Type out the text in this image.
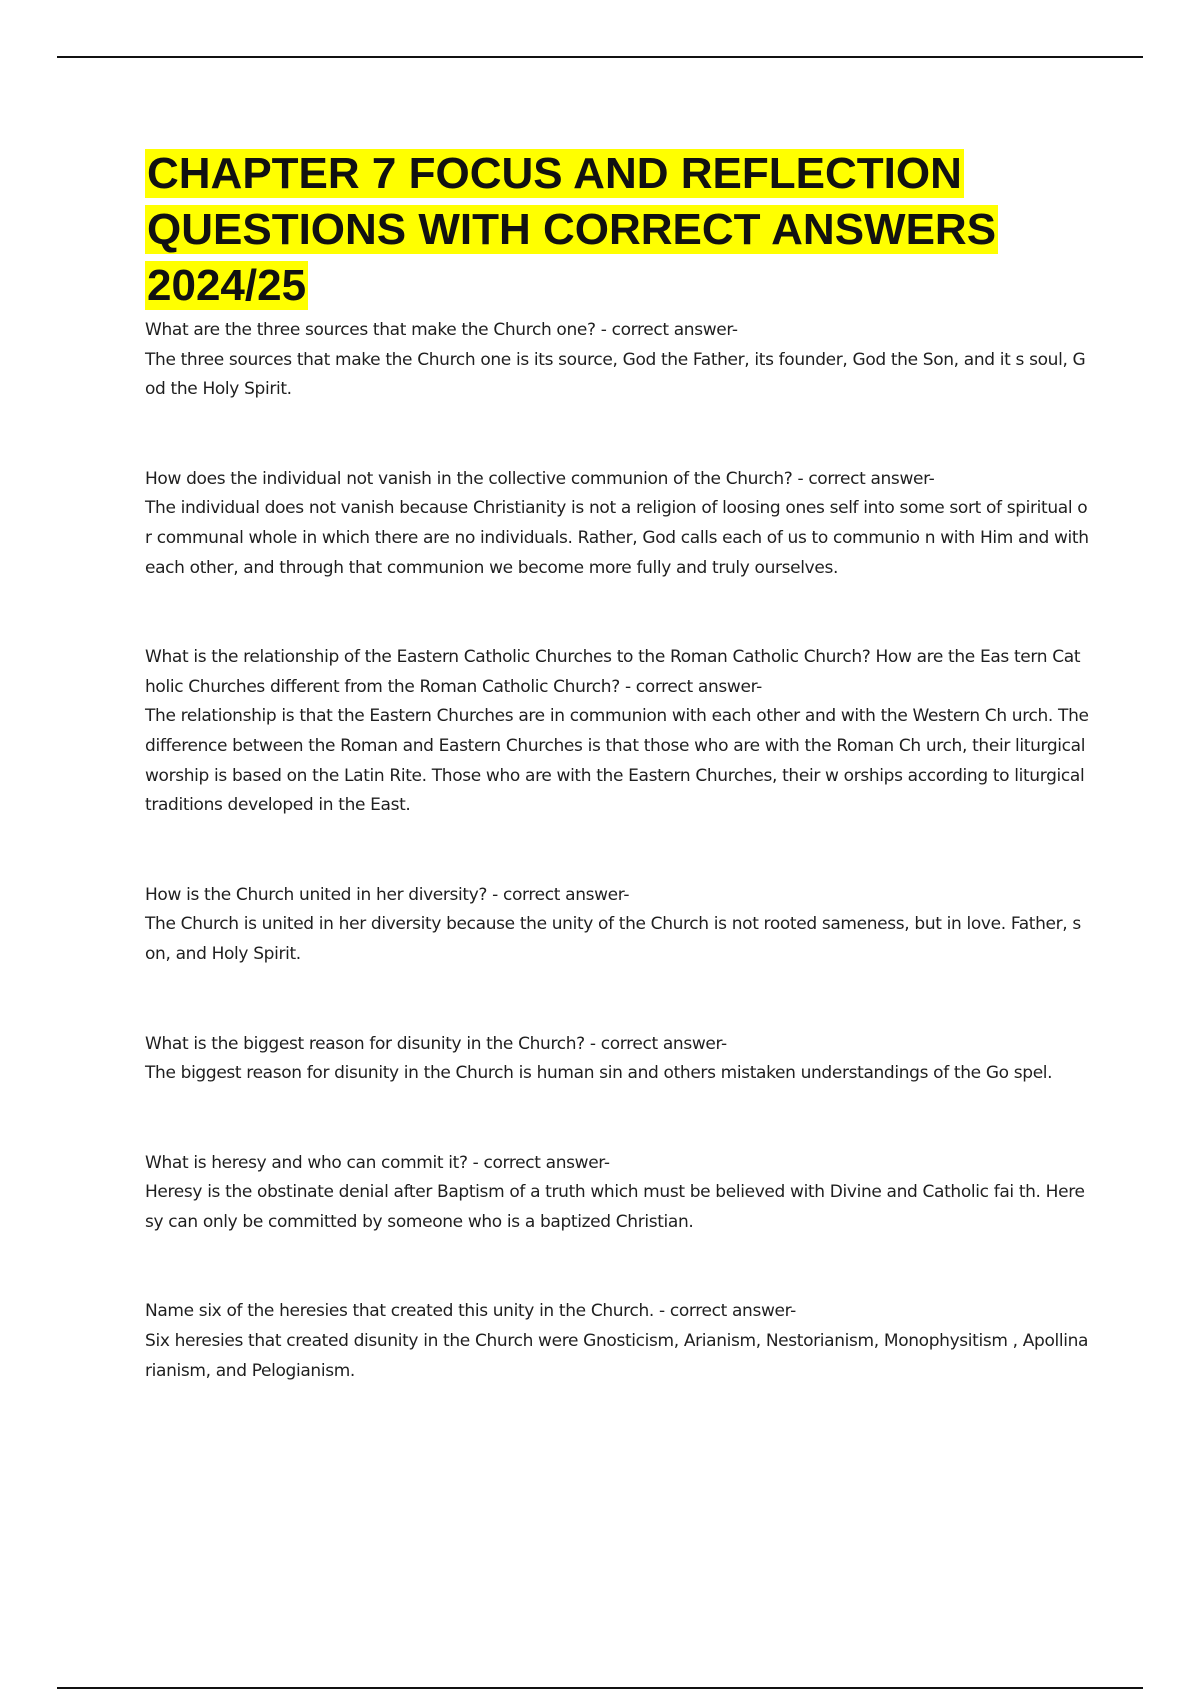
CHAPTER 7 FOCUS AND REFLECTION QUESTIONS WITH CORRECT ANSWERS 2024/25

What are the three sources that make the Church one? - correct answer-

The three sources that make the Church one is its source, God the Father, its founder, God the Son, and it s soul, God the Holy Spirit.

How does the individual not vanish in the collective communion of the Church? - correct answer-

The individual does not vanish because Christianity is not a religion of loosing ones self into some sort of spiritual or communal whole in which there are no individuals. Rather, God calls each of us to communio n with Him and with each other, and through that communion we become more fully and truly ourselves.

What is the relationship of the Eastern Catholic Churches to the Roman Catholic Church? How are the Eas tern Catholic Churches different from the Roman Catholic Church? - correct answer-

The relationship is that the Eastern Churches are in communion with each other and with the Western Ch urch. The difference between the Roman and Eastern Churches is that those who are with the Roman Ch urch, their liturgical worship is based on the Latin Rite. Those who are with the Eastern Churches, their w orships according to liturgical traditions developed in the East.

How is the Church united in her diversity? - correct answer-

The Church is united in her diversity because the unity of the Church is not rooted sameness, but in love. Father, son, and Holy Spirit.

What is the biggest reason for disunity in the Church? - correct answer-

The biggest reason for disunity in the Church is human sin and others mistaken understandings of the Go spel.

What is heresy and who can commit it? - correct answer-

Heresy is the obstinate denial after Baptism of a truth which must be believed with Divine and Catholic fai th. Heresy can only be committed by someone who is a baptized Christian.

Name six of the heresies that created this unity in the Church. - correct answer-

Six heresies that created disunity in the Church were Gnosticism, Arianism, Nestorianism, Monophysitism , Apollinarianism, and Pelogianism.
